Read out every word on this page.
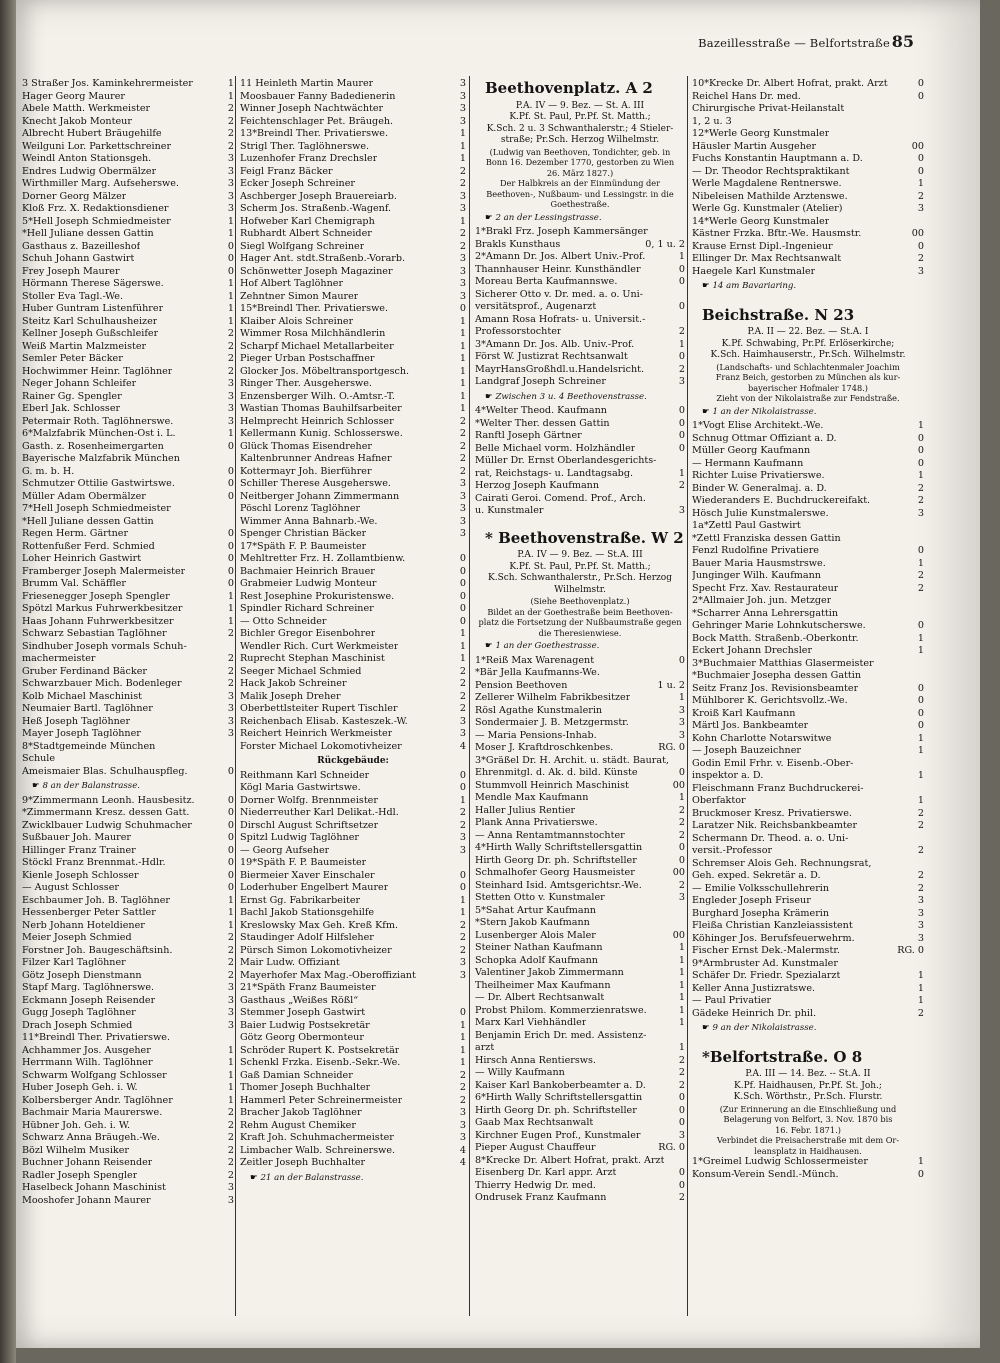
Bazeillesstraße — Belfortstraße 85
3 Straßer Jos. Kaminkehrermeister	1
Hager Georg Maurer	1
Abele Matth. Werkmeister	2
Knecht Jakob Monteur	2
Albrecht Hubert Bräugehilfe	2
Weilguni Lor. Parkettschreiner	2
Weindl Anton Stationsgeh.	3
Endres Ludwig Obermälzer	3
Wirthmiller Marg. Aufseherswe.	3
Dorner Georg Mälzer	3
Kloß Frz. X. Redaktionsdiener	3
5*Hell Joseph Schmiedmeister	1
*Hell Juliane dessen Gattin	1
Gasthaus z. Bazeilleshof	0
Schuh Johann Gastwirt	0
Frey Joseph Maurer	0
Hörmann Therese Sägerswe.	1
Stoller Eva Tagl.-We.	1
Huber Guntram Listenführer	1
Steitz Karl Schulhausheizer	1
Kellner Joseph Gußschleifer	2
Weiß Martin Malzmeister	2
Semler Peter Bäcker	2
Hochwimmer Heinr. Taglöhner	2
Neger Johann Schleifer	3
Rainer Gg. Spengler	3
Eberl Jak. Schlosser	3
Petermair Roth. Taglöhnerswe.	3
6*Malzfabrik München-Ost i. L.	1
Gasth. z. Rosenheimergarten	0
Bayerische Malzfabrik München
G. m. b. H.	0
Schmutzer Ottilie Gastwirtswe.	0
Müller Adam Obermälzer	0
7*Hell Joseph Schmiedmeister
*Hell Juliane dessen Gattin
Regen Herm. Gärtner	0
Rottenfußer Ferd. Schmied	0
Loher Heinrich Gastwirt	0
Framberger Joseph Malermeister	0
Brumm Val. Schäffler	0
Friesenegger Joseph Spengler	1
Spötzl Markus Fuhrwerkbesitzer	1
Haas Johann Fuhrwerkbesitzer	1
Schwarz Sebastian Taglöhner	2
Sindhuber Joseph vormals Schuh-
machermeister	2
Gruber Ferdinand Bäcker	2
Schwarzbauer Mich. Bodenleger	2
Kolb Michael Maschinist	3
Neumaier Bartl. Taglöhner	3
Heß Joseph Taglöhner	3
Mayer Joseph Taglöhner	3
8*Stadtgemeinde München
Schule
Ameismaier Blas. Schulhauspfleg.	0
☛ 8 an der Balanstrasse.
9*Zimmermann Leonh. Hausbesitz.	0
*Zimmermann Kresz. dessen Gatt.	0
Zwicklbauer Ludwig Schuhmacher	0
Sußbauer Joh. Maurer	0
Hillinger Franz Trainer	0
Stöckl Franz Brennmat.-Hdlr.	0
Kienle Joseph Schlosser	0
— August Schlosser	0
Eschbaumer Joh. B. Taglöhner	1
Hessenberger Peter Sattler	1
Nerb Johann Hoteldiener	1
Meier Joseph Schmied	2
Forstner Joh. Baugeschäftsinh.	2
Filzer Karl Taglöhner	2
Götz Joseph Dienstmann	2
Stapf Marg. Taglöhnerswe.	3
Eckmann Joseph Reisender	3
Gugg Joseph Taglöhner	3
Drach Joseph Schmied	3
11*Breindl Ther. Privatierswe.
Achhammer Jos. Ausgeher	1
Herrmann Wilh. Taglöhner	1
Schwarm Wolfgang Schlosser	1
Huber Joseph Geh. i. W.	1
Kolbersberger Andr. Taglöhner	1
Bachmair Maria Maurerswe.	2
Hübner Joh. Geh. i. W.	2
Schwarz Anna Bräugeh.-We.	2
Bözl Wilhelm Musiker	2
Buchner Johann Reisender	2
Radler Joseph Spengler	2
Haselbeck Johann Maschinist	3
Mooshofer Johann Maurer	3
11 Heinleth Martin Maurer	3
Moosbauer Fanny Badedienerin	3
Winner Joseph Nachtwächter	3
Feichtenschlager Pet. Bräugeh.	3
13*Breindl Ther. Privatierswe.	1
Strigl Ther. Taglöhnerswe.	1
Luzenhofer Franz Drechsler	1
Feigl Franz Bäcker	2
Ecker Joseph Schreiner	2
Aschberger Joseph Brauereiarb.	3
Scherm Jos. Straßenb.-Wagenf.	3
Hofweber Karl Chemigraph	1
Rubhardt Albert Schneider	2
Siegl Wolfgang Schreiner	2
Hager Ant. stdt.Straßenb.-Vorarb.	3
Schönwetter Joseph Magaziner	3
Hof Albert Taglöhner	3
Zehntner Simon Maurer	3
15*Breindl Ther. Privatierswe.	0
Klaiber Alois Schreiner	1
Wimmer Rosa Milchhändlerin	1
Scharpf Michael Metallarbeiter	1
Pieger Urban Postschaffner	1
Glocker Jos. Möbeltransportgesch.	1
Ringer Ther. Ausgeherswe.	1
Enzensberger Wilh. O.-Amtsr.-T.	1
Wastian Thomas Bauhilfsarbeiter	1
Helmprecht Heinrich Schlosser	2
Kellermann Kunig. Schlosserswe.	2
Glück Thomas Eisendreher	2
Kaltenbrunner Andreas Hafner	2
Kottermayr Joh. Bierführer	2
Schiller Therese Ausgeherswe.	3
Neitberger Johann Zimmermann	3
Pöschl Lorenz Taglöhner	3
Wimmer Anna Bahnarb.-We.	3
Spenger Christian Bäcker	3
17*Späth F. P. Baumeister
Mehltretter Frz. H. Zollamtbienw.	0
Bachmaier Heinrich Brauer	0
Grabmeier Ludwig Monteur	0
Rest Josephine Prokuristenswe.	0
Spindler Richard Schreiner	0
— Otto Schneider	0
Bichler Gregor Eisenbohrer	1
Wendler Rich. Curt Werkmeister	1
Ruprecht Stephan Maschinist	1
Seeger Michael Schmied	2
Hack Jakob Schreiner	2
Malik Joseph Dreher	2
Oberbettlsteiter Rupert Tischler	2
Reichenbach Elisab. Kasteszek.-W.	3
Reichert Heinrich Werkmeister	3
Forster Michael Lokomotivheizer	4
Rückgebäude:
Reithmann Karl Schneider	0
Kögl Maria Gastwirtswe.	0
Dorner Wolfg. Brennmeister	1
Niederreuther Karl Delikat.-Hdl.	2
Dirschl August Schriftsetzer	2
Spitzl Ludwig Taglöhner	3
— Georg Aufseher	3
19*Späth F. P. Baumeister
Biermeier Xaver Einschaler	0
Loderhuber Engelbert Maurer	0
Ernst Gg. Fabrikarbeiter	1
Bachl Jakob Stationsgehilfe	1
Kreslowsky Max Geh. Kreß Kfm.	2
Staudinger Adolf Hilfsleher	2
Pürsch Simon Lokomotivheizer	2
Mair Ludw. Offiziant	3
Mayerhofer Max Mag.-Oberoffiziant	3
21*Späth Franz Baumeister
Gasthaus „Weißes Rößl“
Stemmer Joseph Gastwirt	0
Baier Ludwig Postsekretär	1
Götz Georg Obermonteur	1
Schröder Rupert K. Postsekretär	1
Schenkl Frzka. Eisenb.-Sekr.-We.	1
Gaß Damian Schneider	2
Thomer Joseph Buchhalter	2
Hammerl Peter Schreinermeister	2
Bracher Jakob Taglöhner	3
Rehm August Chemiker	3
Kraft Joh. Schuhmachermeister	3
Limbacher Walb. Schreinerswe.	4
Zeitler Joseph Buchhalter	4
☛ 21 an der Balanstrasse.
Beethovenplatz. A 2
P.A. IV — 9. Bez. — St. A. III
K.Pf. St. Paul, Pr.Pf. St. Matth.;
K.Sch. 2 u. 3 Schwanthalerstr.; 4 Stieler-
straße; Pr.Sch. Herzog Wilhelmstr.
(Ludwig van Beethoven, Tondichter, geb. in
Bonn 16. Dezember 1770, gestorben zu Wien
26. März 1827.)
Der Halbkreis an der Einmündung der
Beethoven-, Nußbaum- und Lessingstr. in die
Goethestraße.
☛ 2 an der Lessingstrasse.
1*Brakl Frz. Joseph Kammersänger
Brakls Kunsthaus	0, 1 u. 2
2*Amann Dr. Jos. Albert Univ.-Prof.	1
Thannhauser Heinr. Kunsthändler	0
Moreau Berta Kaufmannswe.	0
Sicherer Otto v. Dr. med. a. o. Uni-
versitätsprof., Augenarzt	0
Amann Rosa Hofrats- u. Universit.-
Professorstochter	2
3*Amann Dr. Jos. Alb. Univ.-Prof.	1
Först W. Justizrat Rechtsanwalt	0
MayrHansGroßhdl.u.Handelsricht.	2
Landgraf Joseph Schreiner	3
☛ Zwischen 3 u. 4 Beethovenstrasse.
4*Welter Theod. Kaufmann	0
*Welter Ther. dessen Gattin	0
Ranftl Joseph Gärtner	0
Belle Michael vorm. Holzhändler	0
Müller Dr. Ernst Oberlandesgerichts-
rat, Reichstags- u. Landtagsabg.	1
Herzog Joseph Kaufmann	2
Cairati Geroi. Comend. Prof., Arch.
u. Kunstmaler	3
* Beethovenstraße. W 2
P.A. IV — 9. Bez. — St.A. III
K.Pf. St. Paul, Pr.Pf. St. Matth.;
K.Sch. Schwanthalerstr., Pr.Sch. Herzog
Wilhelmstr.
(Siehe Beethovenplatz.)
Bildet an der Goethestraße beim Beethoven-
platz die Fortsetzung der Nußbaumstraße gegen
die Theresienwiese.
☛ 1 an der Goethestrasse.
1*Reiß Max Warenagent	0
*Bär Jella Kaufmanns-We.
Pension Beethoven	1 u. 2
Zellerer Wilhelm Fabrikbesitzer	1
Rösl Agathe Kunstmalerin	3
Sondermaier J. B. Metzgermstr.	3
— Maria Pensions-Inhab.	3
Moser J. Kraftdroschkenbes.	RG. 0
3*Gräßel Dr. H. Archit. u. städt. Baurat,
Ehrenmitgl. d. Ak. d. bild. Künste	0
Stummvoll Heinrich Maschinist	00
Mendle Max Kaufmann	1
Haller Julius Rentier	2
Plank Anna Privatierswe.	2
— Anna Rentamtmannstochter	2
4*Hirth Wally Schriftstellersgattin	0
Hirth Georg Dr. ph. Schriftsteller	0
Schmalhofer Georg Hausmeister	00
Steinhard Isid. Amtsgerichtsr.-We.	2
Stetten Otto v. Kunstmaler	3
5*Sahat Artur Kaufmann
*Stern Jakob Kaufmann
Lusenberger Alois Maler	00
Steiner Nathan Kaufmann	1
Schopka Adolf Kaufmann	1
Valentiner Jakob Zimmermann	1
Theilheimer Max Kaufmann	1
— Dr. Albert Rechtsanwalt	1
Probst Philom. Kommerzienratswe.	1
Marx Karl Viehhändler	1
Benjamin Erich Dr. med. Assistenz-
arzt	1
Hirsch Anna Rentiersws.	2
— Willy Kaufmann	2
Kaiser Karl Bankoberbeamter a. D.	2
6*Hirth Wally Schriftstellersgattin	0
Hirth Georg Dr. ph. Schriftsteller	0
Gaab Max Rechtsanwalt	0
Kirchner Eugen Prof., Kunstmaler	3
Pieper August Chauffeur	RG. 0
8*Krecke Dr. Albert Hofrat, prakt. Arzt
Eisenberg Dr. Karl appr. Arzt	0
Thierry Hedwig Dr. med.	0
Ondrusek Franz Kaufmann	2
10*Krecke Dr. Albert Hofrat, prakt. Arzt	0
Reichel Hans Dr. med.	0
Chirurgische Privat-Heilanstalt
1, 2 u. 3
12*Werle Georg Kunstmaler
Häusler Martin Ausgeher	00
Fuchs Konstantin Hauptmann a. D.	0
— Dr. Theodor Rechtspraktikant	0
Werle Magdalene Rentnerswe.	1
Nibeleisen Mathilde Arztenswe.	2
Werle Gg. Kunstmaler (Atelier)	3
14*Werle Georg Kunstmaler
Kästner Frzka. Bftr.-We. Hausmstr.	00
Krause Ernst Dipl.-Ingenieur	0
Ellinger Dr. Max Rechtsanwalt	2
Haegele Karl Kunstmaler	3
☛ 14 am Bavariaring.
Beichstraße. N 23
P.A. II — 22. Bez. — St.A. I
K.Pf. Schwabing, Pr.Pf. Erlöserkirche;
K.Sch. Haimhauserstr., Pr.Sch. Wilhelmstr.
(Landschafts- und Schlachtenmaler Joachim
Franz Beich, gestorben zu München als kur-
bayerischer Hofmaler 1748.)
Zieht von der Nikolaistraße zur Fendstraße.
☛ 1 an der Nikolaistrasse.
1*Vogt Elise Architekt.-We.	1
Schnug Ottmar Offiziant a. D.	0
Müller Georg Kaufmann	0
— Hermann Kaufmann	0
Richter Luise Privatierswe.	1
Binder W. Generalmaj. a. D.	2
Wiederanders E. Buchdruckereifakt.	2
Hösch Julie Kunstmalerswe.	3
1a*Zettl Paul Gastwirt
*Zettl Franziska dessen Gattin
Fenzl Rudolfine Privatiere	0
Bauer Maria Hausmstrswe.	1
Junginger Wilh. Kaufmann	2
Specht Frz. Xav. Restaurateur	2
2*Allmaier Joh. jun. Metzger
*Scharrer Anna Lehrersgattin
Gehringer Marie Lohnkutscherswe.	0
Bock Matth. Straßenb.-Oberkontr.	1
Eckert Johann Drechsler	1
3*Buchmaier Matthias Glasermeister
*Buchmaier Josepha dessen Gattin
Seitz Franz Jos. Revisionsbeamter	0
Mühlborer K. Gerichtsvollz.-We.	0
Kroiß Karl Kaufmann	0
Märtl Jos. Bankbeamter	0
Kohn Charlotte Notarswitwe	1
— Joseph Bauzeichner	1
Godin Emil Frhr. v. Eisenb.-Ober-
inspektor a. D.	1
Fleischmann Franz Buchdruckerei-
Oberfaktor	1
Bruckmoser Kresz. Privatierswe.	2
Laratzer Nik. Reichsbankbeamter	2
Schermann Dr. Theod. a. o. Uni-
versit.-Professor	2
Schremser Alois Geh. Rechnungsrat,
Geh. exped. Sekretär a. D.	2
— Emilie Volksschullehrerin	2
Engleder Joseph Friseur	3
Burghard Josepha Krämerin	3
Fleißa Christian Kanzleiassistent	3
Köhinger Jos. Berufsfeuerwehrm.	3
Fischer Ernst Dek.-Malermstr.	RG. 0
9*Armbruster Ad. Kunstmaler
Schäfer Dr. Friedr. Spezialarzt	1
Keller Anna Justizratswe.	1
— Paul Privatier	1
Gädeke Heinrich Dr. phil.	2
☛ 9 an der Nikolaistrasse.
*Belfortstraße. O 8
P.A. III — 14. Bez. -- St.A. II
K.Pf. Haidhausen, Pr.Pf. St. Joh.;
K.Sch. Wörthstr., Pr.Sch. Flurstr.
(Zur Erinnerung an die Einschließung und
Belagerung von Belfort, 3. Nov. 1870 bis
16. Febr. 1871.)
Verbindet die Preisacherstraße mit dem Or-
leansplatz in Haidhausen.
1*Greimel Ludwig Schlossermeister	1
Konsum-Verein Sendl.-Münch.	0
